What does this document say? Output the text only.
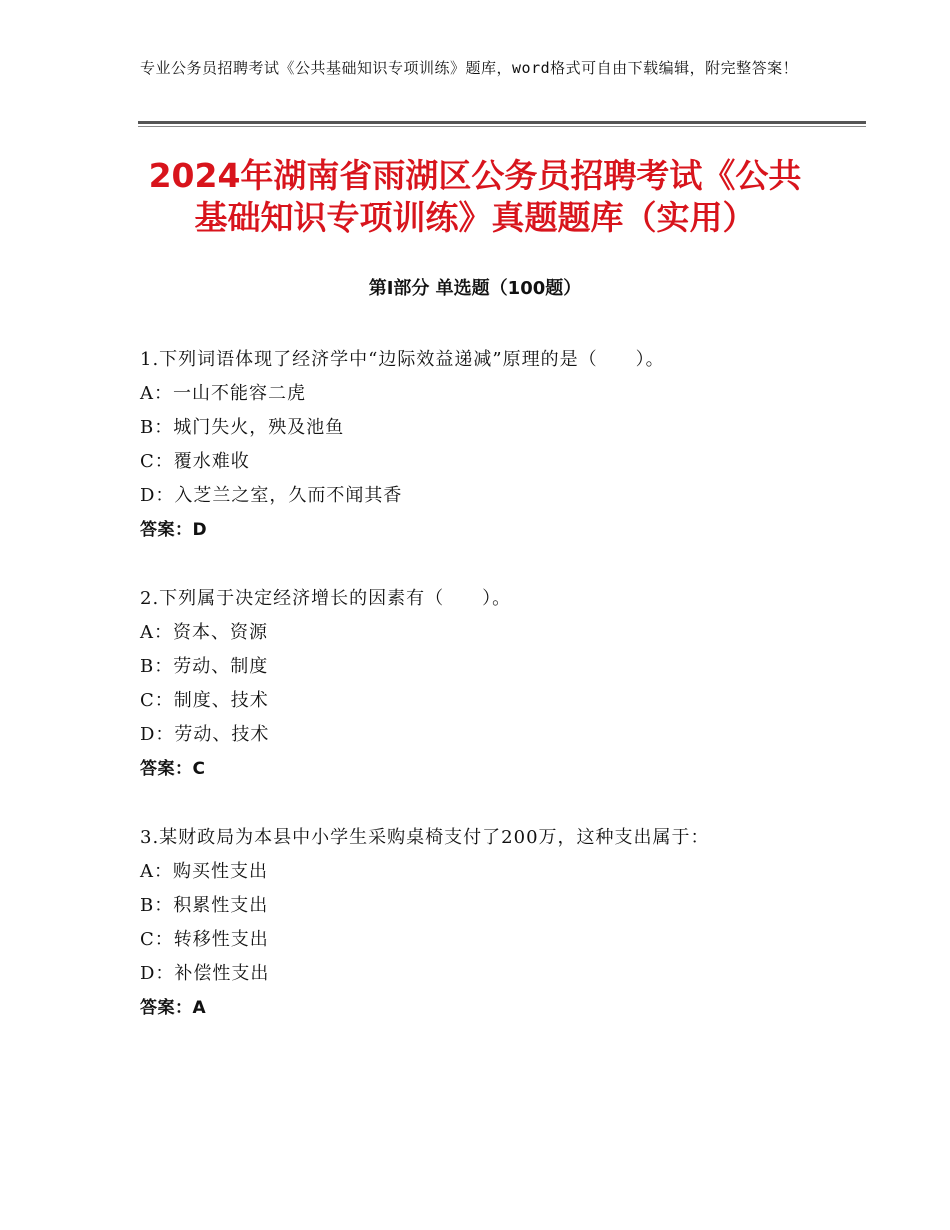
专业公务员招聘考试《公共基础知识专项训练》题库，word格式可自由下载编辑，附完整答案！
2024年湖南省雨湖区公务员招聘考试《公共
基础知识专项训练》真题题库（实用）
第Ⅰ部分 单选题（100题）
1.下列词语体现了经济学中“边际效益递减”原理的是（　　）。
A：一山不能容二虎
B：城门失火，殃及池鱼
C：覆水难收
D：入芝兰之室，久而不闻其香
答案：D
2.下列属于决定经济增长的因素有（　　）。
A：资本、资源
B：劳动、制度
C：制度、技术
D：劳动、技术
答案：C
3.某财政局为本县中小学生采购桌椅支付了200万，这种支出属于：
A：购买性支出
B：积累性支出
C：转移性支出
D：补偿性支出
答案：A
